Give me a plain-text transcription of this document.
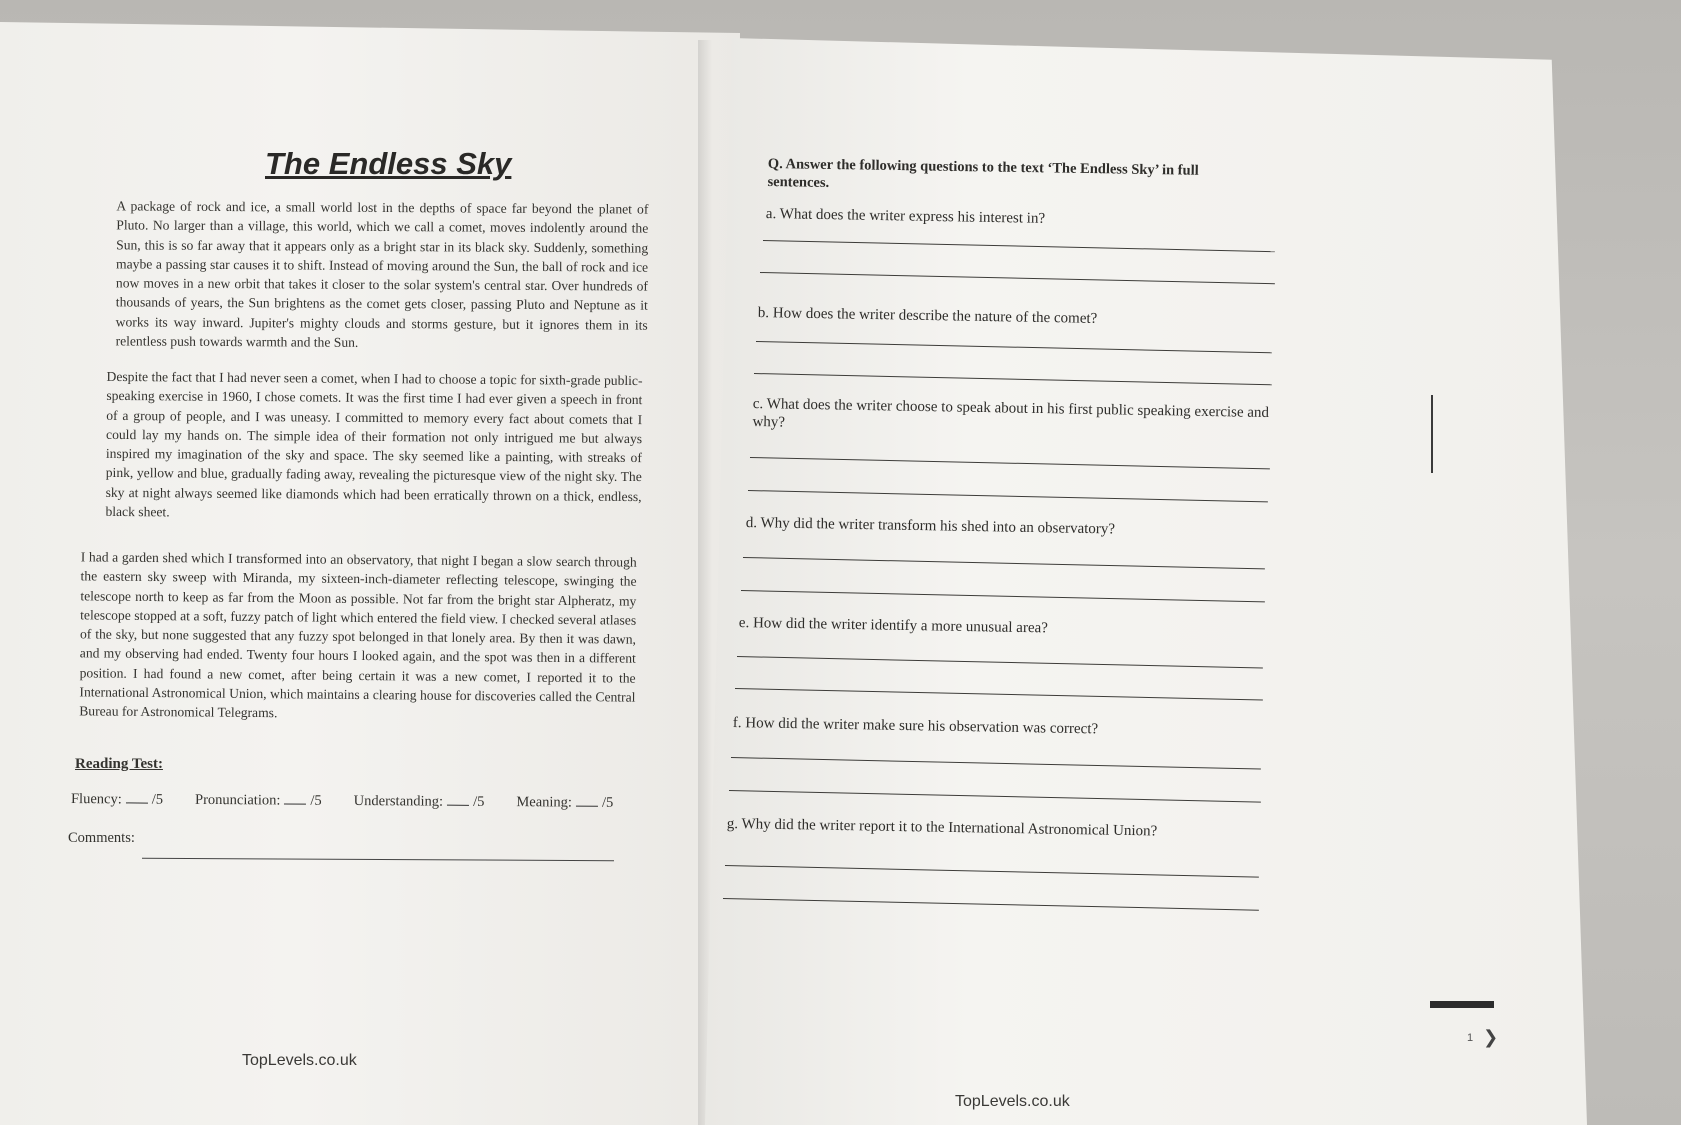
The Endless Sky

A package of rock and ice, a small world lost in the depths of space far beyond the planet of Pluto. No larger than a village, this world, which we call a comet, moves indolently around the Sun, this is so far away that it appears only as a bright star in its black sky. Suddenly, something maybe a passing star causes it to shift. Instead of moving around the Sun, the ball of rock and ice now moves in a new orbit that takes it closer to the solar system's central star. Over hundreds of thousands of years, the Sun brightens as the comet gets closer, passing Pluto and Neptune as it works its way inward. Jupiter's mighty clouds and storms gesture, but it ignores them in its relentless push towards warmth and the Sun.

Despite the fact that I had never seen a comet, when I had to choose a topic for sixth-grade public-speaking exercise in 1960, I chose comets. It was the first time I had ever given a speech in front of a group of people, and I was uneasy. I committed to memory every fact about comets that I could lay my hands on. The simple idea of their formation not only intrigued me but always inspired my imagination of the sky and space. The sky seemed like a painting, with streaks of pink, yellow and blue, gradually fading away, revealing the picturesque view of the night sky. The sky at night always seemed like diamonds which had been erratically thrown on a thick, endless, black sheet.

I had a garden shed which I transformed into an observatory, that night I began a slow search through the eastern sky sweep with Miranda, my sixteen-inch-diameter reflecting telescope, swinging the telescope north to keep as far from the Moon as possible. Not far from the bright star Alpheratz, my telescope stopped at a soft, fuzzy patch of light which entered the field view. I checked several atlases of the sky, but none suggested that any fuzzy spot belonged in that lonely area. By then it was dawn, and my observing had ended. Twenty four hours I looked again, and the spot was then in a different position. I had found a new comet, after being certain it was a new comet, I reported it to the International Astronomical Union, which maintains a clearing house for discoveries called the Central Bureau for Astronomical Telegrams.

Reading Test:
Fluency: /5 Pronunciation: /5 Understanding: /5 Meaning: /5
Comments:
TopLevels.co.uk

Q. Answer the following questions to the text ‘The Endless Sky’ in full sentences.

a. What does the writer express his interest in?

b. How does the writer describe the nature of the comet?

c. What does the writer choose to speak about in his first public speaking exercise and why?

d. Why did the writer transform his shed into an observatory?

e. How did the writer identify a more unusual area?

f. How did the writer make sure his observation was correct?

g. Why did the writer report it to the International Astronomical Union?

1 ❯
TopLevels.co.uk
